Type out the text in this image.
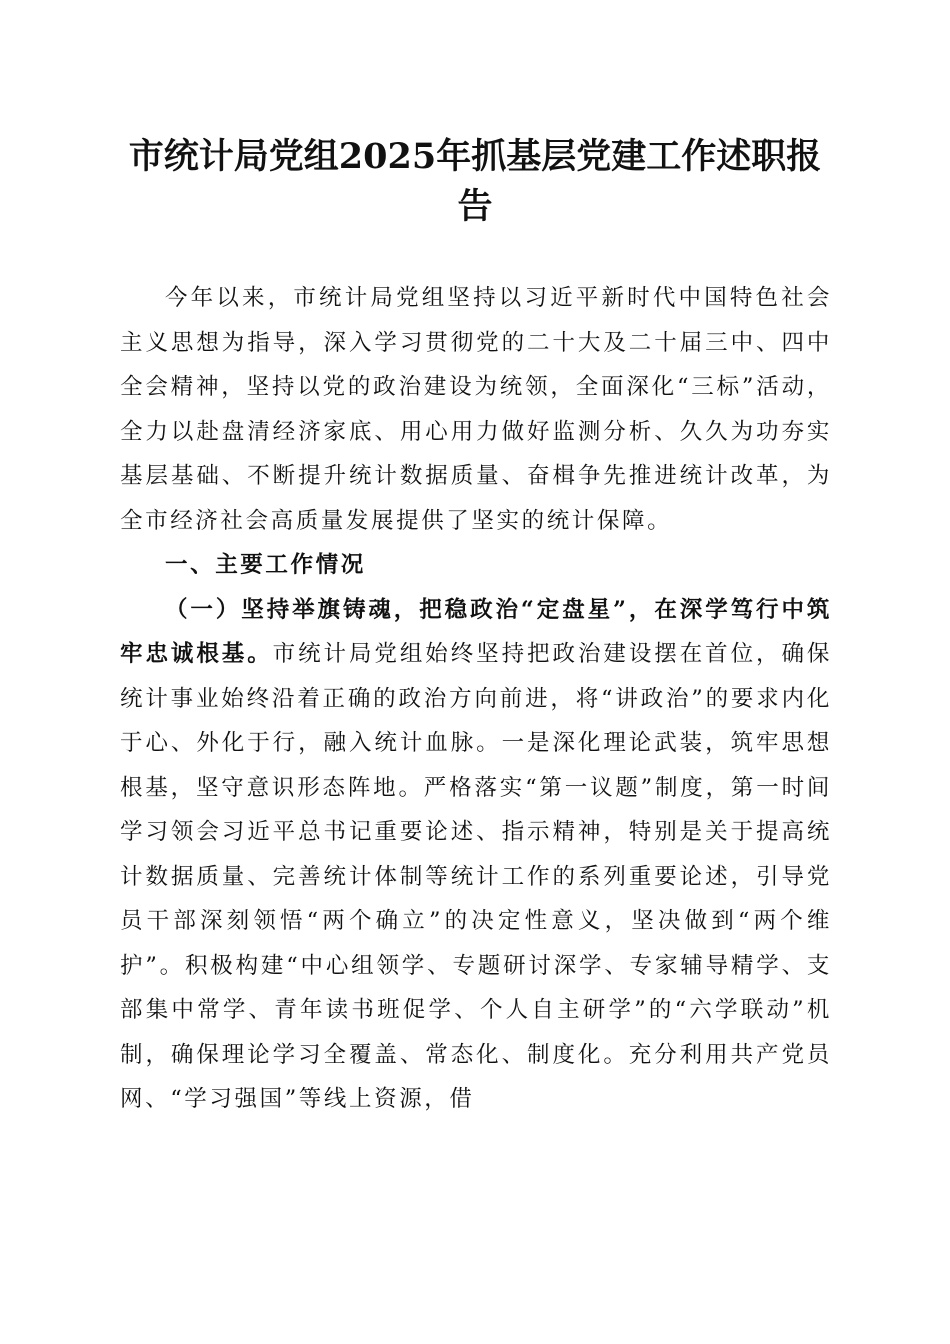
市统计局党组2025年抓基层党建工作述职报告

今年以来，市统计局党组坚持以习近平新时代中国特色社会主义思想为指导，深入学习贯彻党的二十大及二十届三中、四中全会精神，坚持以党的政治建设为统领，全面深化“三标”活动，全力以赴盘清经济家底、用心用力做好监测分析、久久为功夯实基层基础、不断提升统计数据质量、奋楫争先推进统计改革，为全市经济社会高质量发展提供了坚实的统计保障。

一、主要工作情况

（一）坚持举旗铸魂，把稳政治“定盘星”，在深学笃行中筑牢忠诚根基。市统计局党组始终坚持把政治建设摆在首位，确保统计事业始终沿着正确的政治方向前进，将“讲政治”的要求内化于心、外化于行，融入统计血脉。一是深化理论武装，筑牢思想根基，坚守意识形态阵地。严格落实“第一议题”制度，第一时间学习领会习近平总书记重要论述、指示精神，特别是关于提高统计数据质量、完善统计体制等统计工作的系列重要论述，引导党员干部深刻领悟“两个确立”的决定性意义，坚决做到“两个维护”。积极构建“中心组领学、专题研讨深学、专家辅导精学、支部集中常学、青年读书班促学、个人自主研学”的“六学联动”机制，确保理论学习全覆盖、常态化、制度化。充分利用共产党员网、“学习强国”等线上资源，借
